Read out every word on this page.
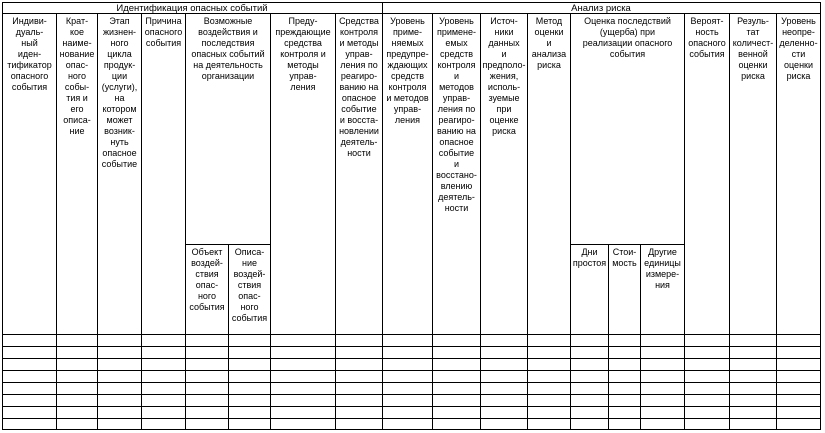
Идентификация опасных событий	Анализ риска
Индиви-дуаль-ный иден-тификатор опасного события
Крат-кое наиме-нование опас-ного собы-тия и его описа-ние
Этап жизнен-ного цикла продук-ции (услуги), на котором может возник-нуть опасное событие
Причина опасного события
Возможные воздействия и последствия опасных событий на деятельность организации
Объект воздей-ствия опас-ного события
Описа-ние воздей-ствия опас-ного события
Преду-преждающие средства контроля и методы управ-ления
Средства контроля и методы управ-ления по реагиро-ванию на опасное событие и восста-новлении деятель-ности
Уровень приме-няемых предупре-ждающих средств контроля и методов управ-ления
Уровень примене-емых средств контроля и методов управ-ления по реагиро-ванию на опасное событие и восстано-влению деятель-ности
Источ-ники данных и предполо-жения, исполь-зуемые при оценке риска
Метод оценки и анализа риска
Оценка последствий (ущерба) при реализации опасного события
Дни простоя
Стои-мость
Другие единицы измере-ния
Вероят-ность опасного события
Резуль-тат количест-венной оценки риска
Уровень неопре-деленно-сти оценки риска
